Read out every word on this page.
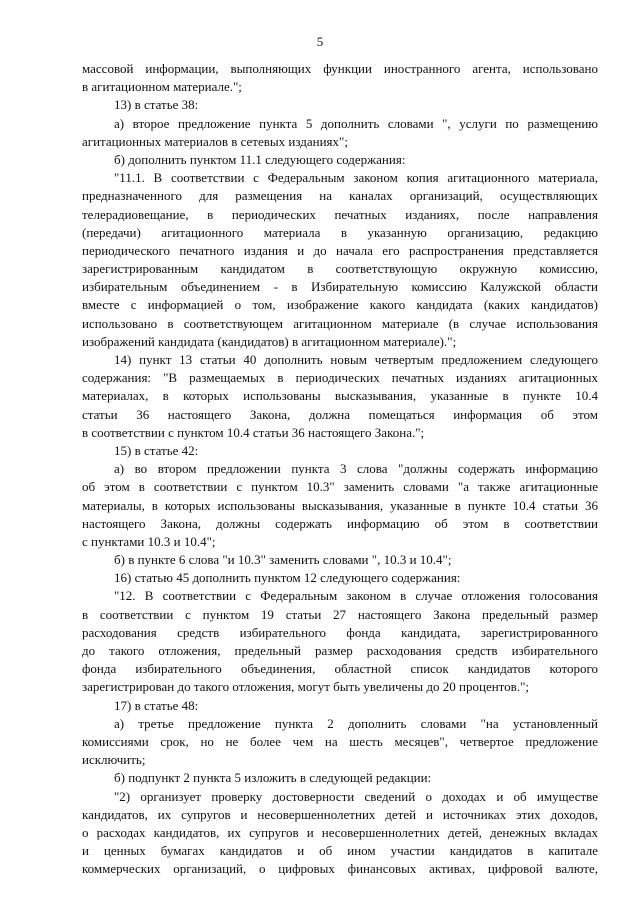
5
массовой информации, выполняющих функции иностранного агента, использовано
в агитационном материале.";
13) в статье 38:
а) второе предложение пункта 5 дополнить словами ", услуги по размещению
агитационных материалов в сетевых изданиях";
б) дополнить пунктом 11.1 следующего содержания:
"11.1. В соответствии с Федеральным законом копия агитационного материала,
предназначенного для размещения на каналах организаций, осуществляющих
телерадиовещание, в периодических печатных изданиях, после направления
(передачи) агитационного материала в указанную организацию, редакцию
периодического печатного издания и до начала его распространения представляется
зарегистрированным кандидатом в соответствующую окружную комиссию,
избирательным объединением - в Избирательную комиссию Калужской области
вместе с информацией о том, изображение какого кандидата (каких кандидатов)
использовано в соответствующем агитационном материале (в случае использования
изображений кандидата (кандидатов) в агитационном материале).";
14) пункт 13 статьи 40 дополнить новым четвертым предложением следующего
содержания: "В размещаемых в периодических печатных изданиях агитационных
материалах, в которых использованы высказывания, указанные в пункте 10.4
статьи 36 настоящего Закона, должна помещаться информация об этом
в соответствии с пунктом 10.4 статьи 36 настоящего Закона.";
15) в статье 42:
а) во втором предложении пункта 3 слова "должны содержать информацию
об этом в соответствии с пунктом 10.3" заменить словами "а также агитационные
материалы, в которых использованы высказывания, указанные в пункте 10.4 статьи 36
настоящего Закона, должны содержать информацию об этом в соответствии
с пунктами 10.3 и 10.4";
б) в пункте 6 слова "и 10.3" заменить словами ", 10.3 и 10.4";
16) статью 45 дополнить пунктом 12 следующего содержания:
"12. В соответствии с Федеральным законом в случае отложения голосования
в соответствии с пунктом 19 статьи 27 настоящего Закона предельный размер
расходования средств избирательного фонда кандидата, зарегистрированного
до такого отложения, предельный размер расходования средств избирательного
фонда избирательного объединения, областной список кандидатов которого
зарегистрирован до такого отложения, могут быть увеличены до 20 процентов.";
17) в статье 48:
а) третье предложение пункта 2 дополнить словами "на установленный
комиссиями срок, но не более чем на шесть месяцев", четвертое предложение
исключить;
б) подпункт 2 пункта 5 изложить в следующей редакции:
"2) организует проверку достоверности сведений о доходах и об имуществе
кандидатов, их супругов и несовершеннолетних детей и источниках этих доходов,
о расходах кандидатов, их супругов и несовершеннолетних детей, денежных вкладах
и ценных бумагах кандидатов и об ином участии кандидатов в капитале
коммерческих организаций, о цифровых финансовых активах, цифровой валюте,
